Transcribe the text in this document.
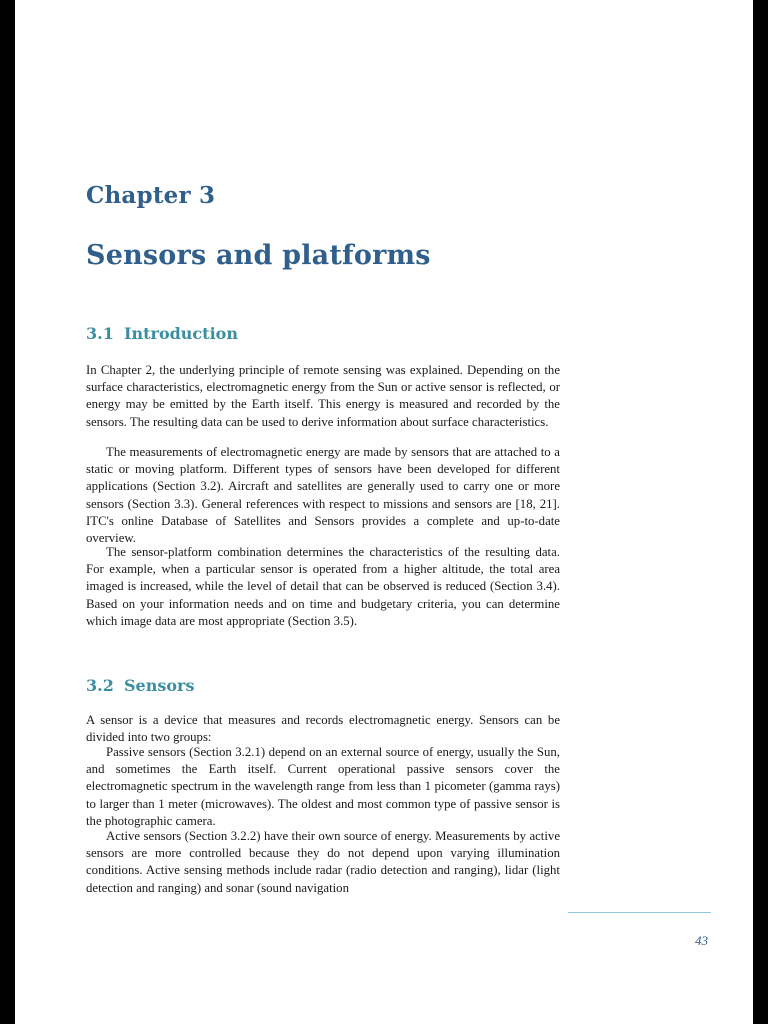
Chapter 3
Sensors and platforms
3.1 Introduction

In Chapter 2, the underlying principle of remote sensing was explained. Depending on the surface characteristics, electromagnetic energy from the Sun or active sensor is reflected, or energy may be emitted by the Earth itself. This energy is measured and recorded by the sensors. The resulting data can be used to derive information about surface characteristics.

The measurements of electromagnetic energy are made by sensors that are attached to a static or moving platform. Different types of sensors have been developed for different applications (Section 3.2). Aircraft and satellites are generally used to carry one or more sensors (Section 3.3). General references with respect to missions and sensors are [18, 21]. ITC's online Database of Satellites and Sensors provides a complete and up-to-date overview.

The sensor-platform combination determines the characteristics of the resulting data. For example, when a particular sensor is operated from a higher altitude, the total area imaged is increased, while the level of detail that can be observed is reduced (Section 3.4). Based on your information needs and on time and budgetary criteria, you can determine which image data are most appropriate (Section 3.5).

3.2 Sensors

A sensor is a device that measures and records electromagnetic energy. Sensors can be divided into two groups:

Passive sensors (Section 3.2.1) depend on an external source of energy, usually the Sun, and sometimes the Earth itself. Current operational passive sensors cover the electromagnetic spectrum in the wavelength range from less than 1 picometer (gamma rays) to larger than 1 meter (microwaves). The oldest and most common type of passive sensor is the photographic camera.

Active sensors (Section 3.2.2) have their own source of energy. Measurements by active sensors are more controlled because they do not depend upon varying illumination conditions. Active sensing methods include radar (radio detection and ranging), lidar (light detection and ranging) and sonar (sound navigation

43
